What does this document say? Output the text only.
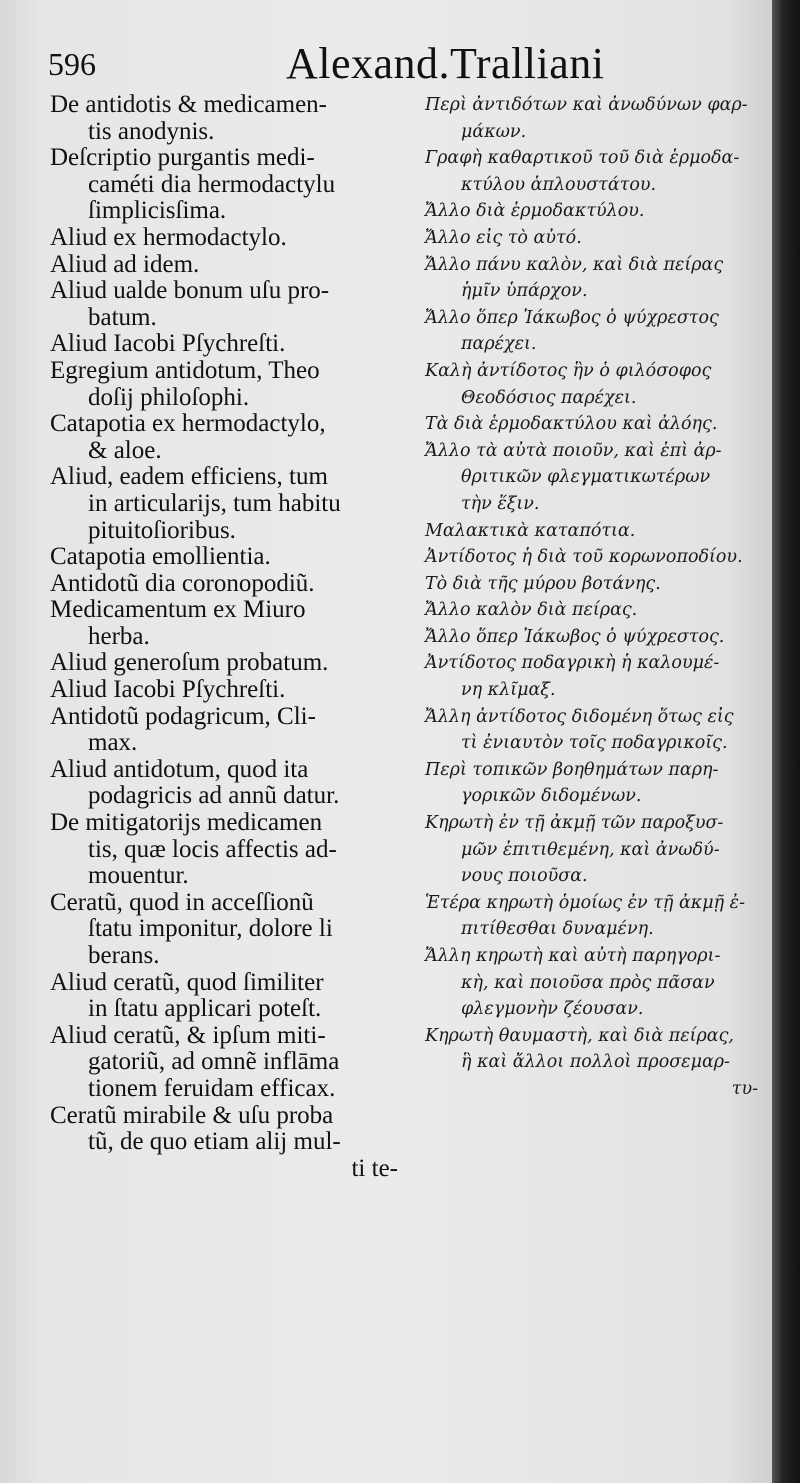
596	Alexand.Tralliani
De antidotis & medicamen-
tis anodynis.
Deſcriptio purgantis medi-
caméti dia hermodactylu
ſimplicisſima.
Aliud ex hermodactylo.
Aliud ad idem.
Aliud ualde bonum uſu pro-
batum.
Aliud Iacobi Pſychreſti.
Egregium antidotum, Theo
doſij philoſophi.
Catapotia ex hermodactylo,
& aloe.
Aliud, eadem efficiens, tum
in articularijs, tum habitu
pituitoſioribus.
Catapotia emollientia.
Antidotũ dia coronopodiũ.
Medicamentum ex Miuro
herba.
Aliud generoſum probatum.
Aliud Iacobi Pſychreſti.
Antidotũ podagricum, Cli-
max.
Aliud antidotum, quod ita
podagricis ad annũ datur.
De mitigatorijs medicamen
tis, quæ locis affectis ad-
mouentur.
Ceratũ, quod in acceſſionũ
ſtatu imponitur, dolore li
berans.
Aliud ceratũ, quod ſimiliter
in ſtatu applicari poteſt.
Aliud ceratũ, & ipſum miti-
gatoriũ, ad omnẽ inflāma
tionem feruidam efficax.
Ceratũ mirabile & uſu proba
tũ, de quo etiam alij mul-
ti te-
Περὶ ἀντιδότων καὶ ἀνωδύνων φαρ-
μάκων.
Γραφὴ καθαρτικοῦ τοῦ διὰ ἑρμοδα-
κτύλου ἁπλουστάτου.
Ἄλλο διὰ ἑρμοδακτύλου.
Ἄλλο εἰς τὸ αὐτό.
Ἄλλο πάνυ καλὸν, καὶ διὰ πείρας
ἡμῖν ὑπάρχον.
Ἄλλο ὅπερ Ἰάκωβος ὁ ψύχρεστος
παρέχει.
Καλὴ ἀντίδοτος ἣν ὁ φιλόσοφος
Θεοδόσιος παρέχει.
Τὰ διὰ ἑρμοδακτύλου καὶ ἀλόης.
Ἄλλο τὰ αὐτὰ ποιοῦν, καὶ ἐπὶ ἀρ-
θριτικῶν φλεγματικωτέρων
τὴν ἕξιν.
Μαλακτικὰ καταπότια.
Ἀντίδοτος ἡ διὰ τοῦ κορωνοποδίου.
Τὸ διὰ τῆς μύρου βοτάνης.
Ἄλλο καλὸν διὰ πείρας.
Ἄλλο ὅπερ Ἰάκωβος ὁ ψύχρεστος.
Ἀντίδοτος ποδαγρικὴ ἡ καλουμέ-
νη κλῖμαξ.
Ἄλλη ἀντίδοτος διδομένη ὅτως εἰς
τὶ ἐνιαυτὸν τοῖς ποδαγρικοῖς.
Περὶ τοπικῶν βοηθημάτων παρη-
γορικῶν διδομένων.
Κηρωτὴ ἐν τῇ ἀκμῇ τῶν παροξυσ-
μῶν ἐπιτιθεμένη, καὶ ἀνωδύ-
νους ποιοῦσα.
Ἑτέρα κηρωτὴ ὁμοίως ἐν τῇ ἀκμῇ ἐ-
πιτίθεσθαι δυναμένη.
Ἄλλη κηρωτὴ καὶ αὐτὴ παρηγορι-
κὴ, καὶ ποιοῦσα πρὸς πᾶσαν
φλεγμονὴν ζέουσαν.
Κηρωτὴ θαυμαστὴ, καὶ διὰ πείρας,
ἣ καὶ ἄλλοι πολλοὶ προσεμαρ-
τυ-
